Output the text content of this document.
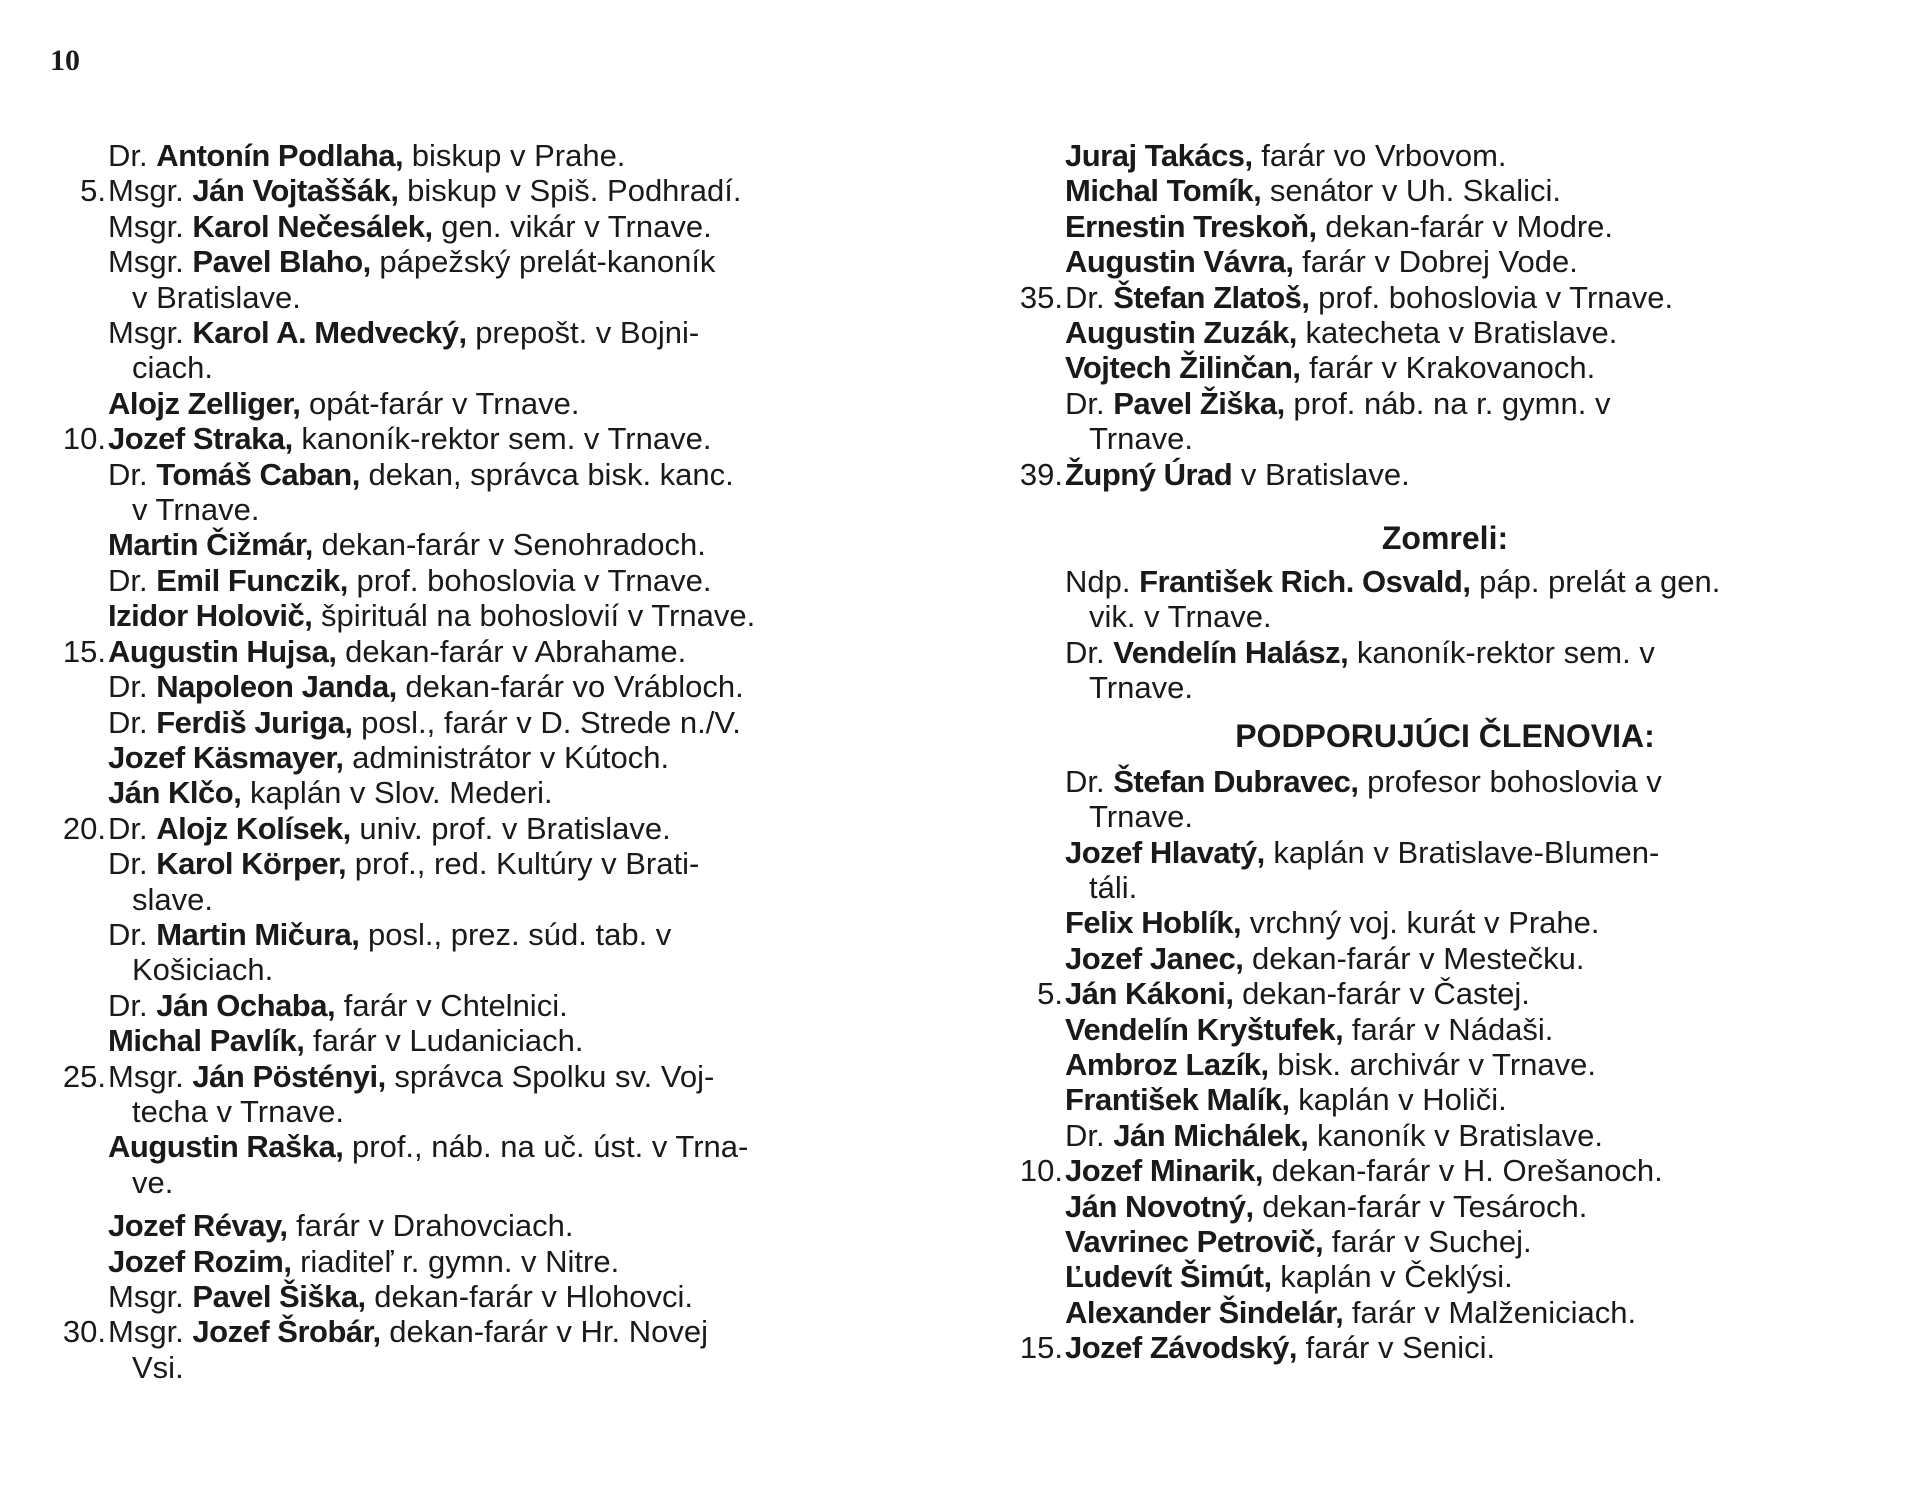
10
Dr. Antonín Podlaha, biskup v Prahe.
5. Msgr. Ján Vojtaššák, biskup v Spiš. Podhradí.
Msgr. Karol Nečesálek, gen. vikár v Trnave.
Msgr. Pavel Blaho, pápežský prelát-kanoník
v Bratislave.
Msgr. Karol A. Medvecký, prepošt. v Bojni-
ciach.
Alojz Zelliger, opát-farár v Trnave.
10. Jozef Straka, kanoník-rektor sem. v Trnave.
Dr. Tomáš Caban, dekan, správca bisk. kanc.
v Trnave.
Martin Čižmár, dekan-farár v Senohradoch.
Dr. Emil Funczik, prof. bohoslovia v Trnave.
Izidor Holovič, špirituál na bohoslovií v Trnave.
15. Augustin Hujsa, dekan-farár v Abrahame.
Dr. Napoleon Janda, dekan-farár vo Vrábloch.
Dr. Ferdiš Juriga, posl., farár v D. Strede n./V.
Jozef Käsmayer, administrátor v Kútoch.
Ján Klčo, kaplán v Slov. Mederi.
20. Dr. Alojz Kolísek, univ. prof. v Bratislave.
Dr. Karol Körper, prof., red. Kultúry v Brati-
slave.
Dr. Martin Mičura, posl., prez. súd. tab. v
Košiciach.
Dr. Ján Ochaba, farár v Chtelnici.
Michal Pavlík, farár v Ludaniciach.
25. Msgr. Ján Pöstényi, správca Spolku sv. Voj-
techa v Trnave.
Augustin Raška, prof., náb. na uč. úst. v Trna-
ve.
Jozef Révay, farár v Drahovciach.
Jozef Rozim, riaditeľ r. gymn. v Nitre.
Msgr. Pavel Šiška, dekan-farár v Hlohovci.
30. Msgr. Jozef Šrobár, dekan-farár v Hr. Novej
Vsi.
Juraj Takács, farár vo Vrbovom.
Michal Tomík, senátor v Uh. Skalici.
Ernestin Treskoň, dekan-farár v Modre.
Augustin Vávra, farár v Dobrej Vode.
35. Dr. Štefan Zlatoš, prof. bohoslovia v Trnave.
Augustin Zuzák, katecheta v Bratislave.
Vojtech Žilinčan, farár v Krakovanoch.
Dr. Pavel Žiška, prof. náb. na r. gymn. v
Trnave.
39. Župný Úrad v Bratislave.
Zomreli:
Ndp. František Rich. Osvald, páp. prelát a gen.
vik. v Trnave.
Dr. Vendelín Halász, kanoník-rektor sem. v
Trnave.
PODPORUJÚCI ČLENOVIA:
Dr. Štefan Dubravec, profesor bohoslovia v
Trnave.
Jozef Hlavatý, kaplán v Bratislave-Blumen-
táli.
Felix Hoblík, vrchný voj. kurát v Prahe.
Jozef Janec, dekan-farár v Mestečku.
5. Ján Kákoni, dekan-farár v Častej.
Vendelín Kryštufek, farár v Nádaši.
Ambroz Lazík, bisk. archivár v Trnave.
František Malík, kaplán v Holiči.
Dr. Ján Michálek, kanoník v Bratislave.
10. Jozef Minarik, dekan-farár v H. Orešanoch.
Ján Novotný, dekan-farár v Tesároch.
Vavrinec Petrovič, farár v Suchej.
Ľudevít Šimút, kaplán v Čeklýsi.
Alexander Šindelár, farár v Malženiciach.
15. Jozef Závodský, farár v Senici.
